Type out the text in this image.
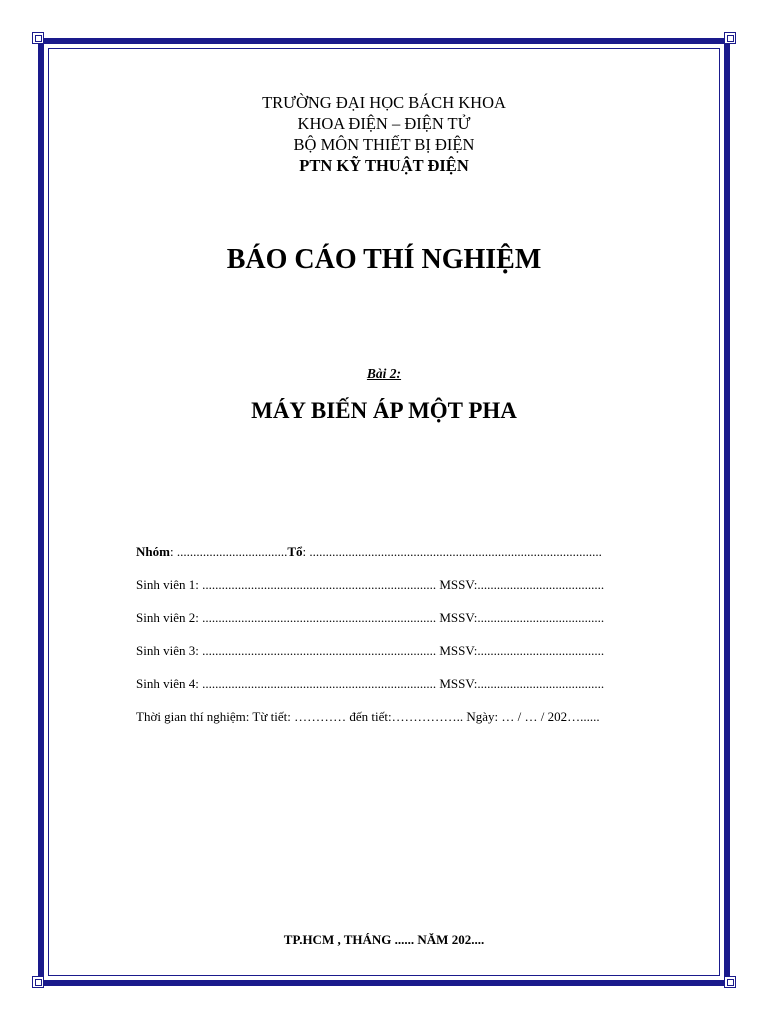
TRƯỜNG ĐẠI HỌC BÁCH KHOA
KHOA ĐIỆN – ĐIỆN TỬ
BỘ MÔN THIẾT BỊ ĐIỆN
PTN KỸ THUẬT ĐIỆN
BÁO CÁO THÍ NGHIỆM
Bài 2:
MÁY BIẾN ÁP MỘT PHA
Nhóm: ..................................Tổ: ..........................................................................................
Sinh viên 1: ........................................................................ MSSV:.......................................
Sinh viên 2: ........................................................................ MSSV:.......................................
Sinh viên 3: ........................................................................ MSSV:.......................................
Sinh viên 4: ........................................................................ MSSV:.......................................
Thời gian thí nghiệm: Từ tiết: ………… đến tiết:…………….. Ngày: … / … / 202…......
TP.HCM , THÁNG ...... NĂM 202....
